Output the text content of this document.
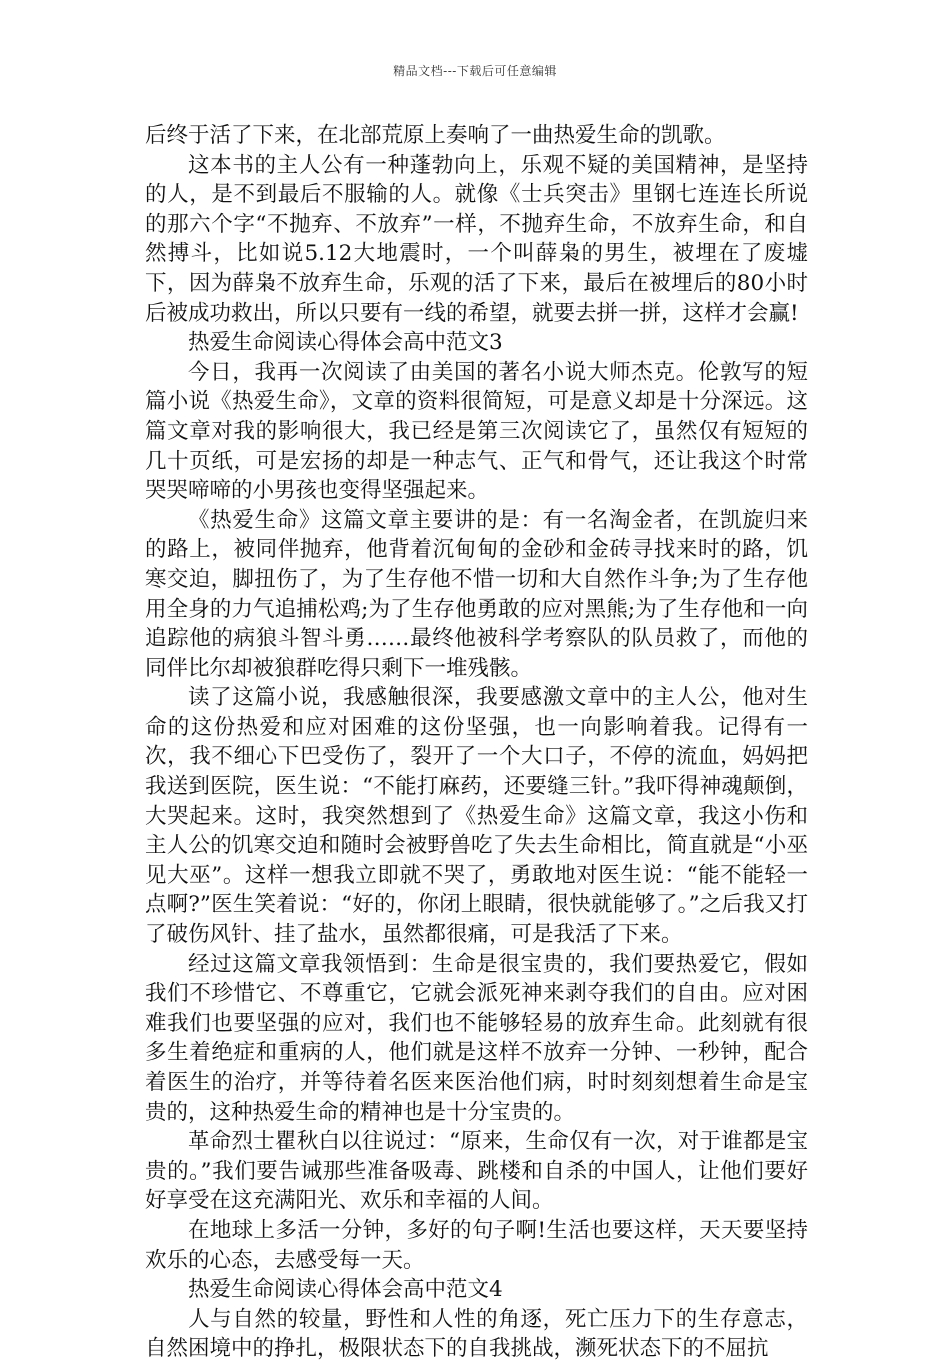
精品文档---下载后可任意编辑

后终于活了下来，在北部荒原上奏响了一曲热爱生命的凯歌。

这本书的主人公有一种蓬勃向上，乐观不疑的美国精神，是坚持的人，是不到最后不服输的人。就像《士兵突击》里钢七连连长所说的那六个字“不抛弃、不放弃”一样，不抛弃生命，不放弃生命，和自然搏斗，比如说5.12大地震时，一个叫薛枭的男生，被埋在了废墟下，因为薛枭不放弃生命，乐观的活了下来，最后在被埋后的80小时后被成功救出，所以只要有一线的希望，就要去拼一拼，这样才会赢!

热爱生命阅读心得体会高中范文3

今日，我再一次阅读了由美国的著名小说大师杰克。伦敦写的短篇小说《热爱生命》，文章的资料很简短，可是意义却是十分深远。这篇文章对我的影响很大，我已经是第三次阅读它了，虽然仅有短短的几十页纸，可是宏扬的却是一种志气、正气和骨气，还让我这个时常哭哭啼啼的小男孩也变得坚强起来。

《热爱生命》这篇文章主要讲的是：有一名淘金者，在凯旋归来的路上，被同伴抛弃，他背着沉甸甸的金砂和金砖寻找来时的路，饥寒交迫，脚扭伤了，为了生存他不惜一切和大自然作斗争;为了生存他用全身的力气追捕松鸡;为了生存他勇敢的应对黑熊;为了生存他和一向追踪他的病狼斗智斗勇……最终他被科学考察队的队员救了，而他的同伴比尔却被狼群吃得只剩下一堆残骸。

读了这篇小说，我感触很深，我要感激文章中的主人公，他对生命的这份热爱和应对困难的这份坚强，也一向影响着我。记得有一次，我不细心下巴受伤了，裂开了一个大口子，不停的流血，妈妈把我送到医院，医生说：“不能打麻药，还要缝三针。”我吓得神魂颠倒，大哭起来。这时，我突然想到了《热爱生命》这篇文章，我这小伤和主人公的饥寒交迫和随时会被野兽吃了失去生命相比，简直就是“小巫见大巫”。这样一想我立即就不哭了，勇敢地对医生说：“能不能轻一点啊?”医生笑着说：“好的，你闭上眼睛，很快就能够了。”之后我又打了破伤风针、挂了盐水，虽然都很痛，可是我活了下来。

经过这篇文章我领悟到：生命是很宝贵的，我们要热爱它，假如我们不珍惜它、不尊重它，它就会派死神来剥夺我们的自由。应对困难我们也要坚强的应对，我们也不能够轻易的放弃生命。此刻就有很多生着绝症和重病的人，他们就是这样不放弃一分钟、一秒钟，配合着医生的治疗，并等待着名医来医治他们病，时时刻刻想着生命是宝贵的，这种热爱生命的精神也是十分宝贵的。

革命烈士瞿秋白以往说过：“原来，生命仅有一次，对于谁都是宝贵的。”我们要告诫那些准备吸毒、跳楼和自杀的中国人，让他们要好好享受在这充满阳光、欢乐和幸福的人间。

在地球上多活一分钟，多好的句子啊!生活也要这样，天天要坚持欢乐的心态，去感受每一天。

热爱生命阅读心得体会高中范文4

人与自然的较量，野性和人性的角逐，死亡压力下的生存意志，自然困境中的挣扎，极限状态下的自我挑战，濒死状态下的不屈抗
